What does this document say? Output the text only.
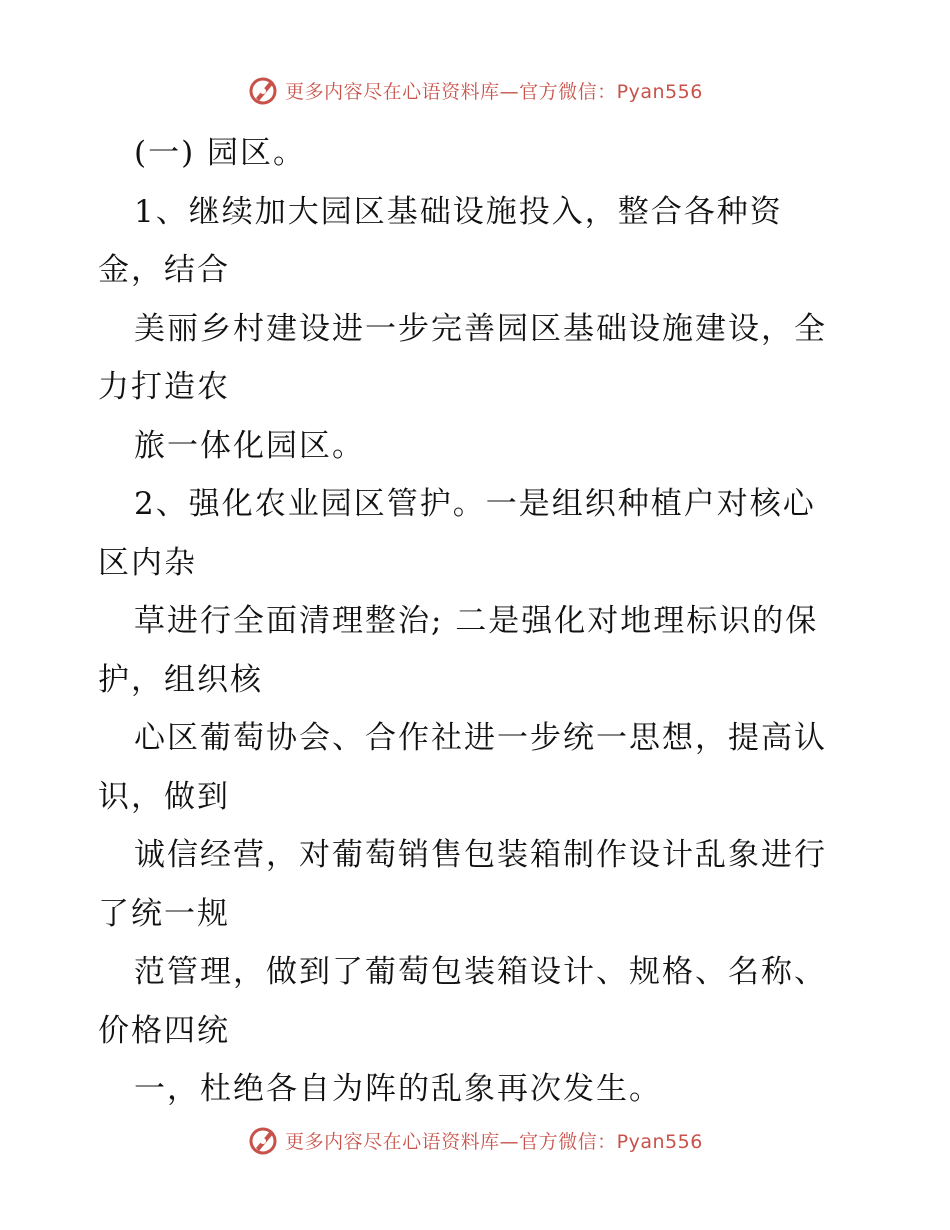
更多内容尽在心语资料库—官方微信：Pyan556
(一) 园区。
1、继续加大园区基础设施投入，整合各种资
金，结合
美丽乡村建设进一步完善园区基础设施建设，全
力打造农
旅一体化园区。
2、强化农业园区管护。一是组织种植户对核心
区内杂
草进行全面清理整治; 二是强化对地理标识的保
护，组织核
心区葡萄协会、合作社进一步统一思想，提高认
识，做到
诚信经营，对葡萄销售包装箱制作设计乱象进行
了统一规
范管理，做到了葡萄包装箱设计、规格、名称、
价格四统
一，杜绝各自为阵的乱象再次发生。
更多内容尽在心语资料库—官方微信：Pyan556
